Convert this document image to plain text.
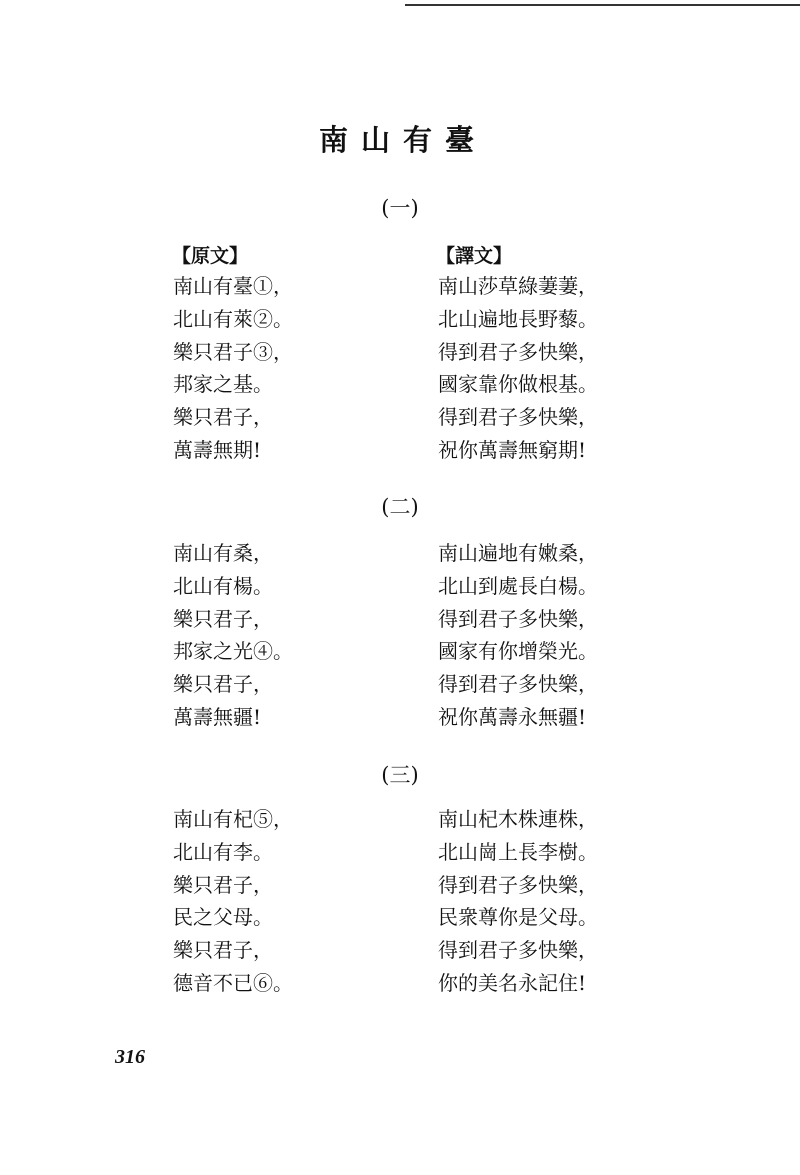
南山有臺
(一)
【原文】	【譯文】
南山有臺①，
北山有萊②。
樂只君子③，
邦家之基。
樂只君子，
萬壽無期!
南山莎草綠萋萋，
北山遍地長野藜。
得到君子多快樂，
國家靠你做根基。
得到君子多快樂，
祝你萬壽無窮期!
(二)
南山有桑，
北山有楊。
樂只君子，
邦家之光④。
樂只君子，
萬壽無疆!
南山遍地有嫩桑，
北山到處長白楊。
得到君子多快樂，
國家有你增榮光。
得到君子多快樂，
祝你萬壽永無疆!
(三)
南山有杞⑤，
北山有李。
樂只君子，
民之父母。
樂只君子，
德音不已⑥。
南山杞木株連株，
北山崗上長李樹。
得到君子多快樂，
民衆尊你是父母。
得到君子多快樂，
你的美名永記住!
316
